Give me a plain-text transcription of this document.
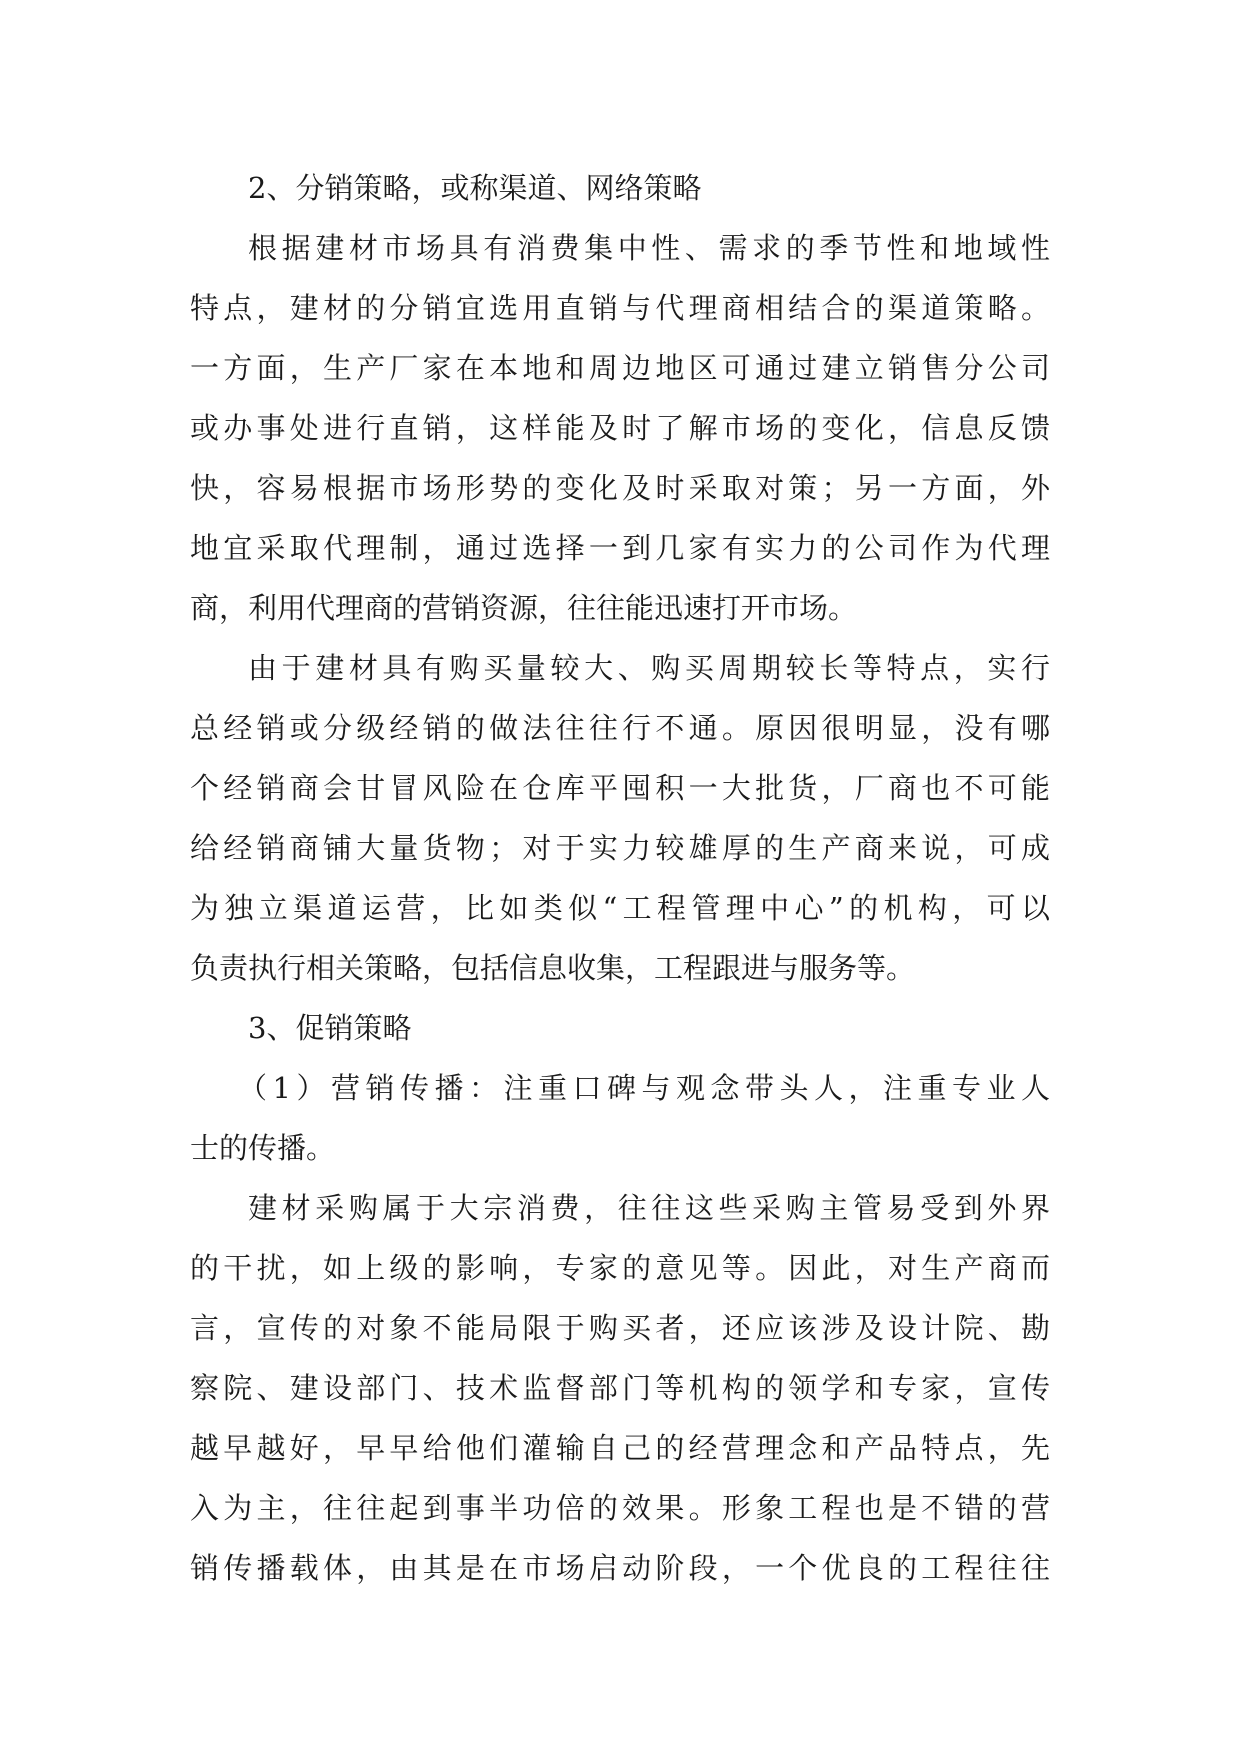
2、分销策略，或称渠道、网络策略
根据建材市场具有消费集中性、需求的季节性和地域性
特点，建材的分销宜选用直销与代理商相结合的渠道策略。
一方面，生产厂家在本地和周边地区可通过建立销售分公司
或办事处进行直销，这样能及时了解市场的变化，信息反馈
快，容易根据市场形势的变化及时采取对策；另一方面，外
地宜采取代理制，通过选择一到几家有实力的公司作为代理
商，利用代理商的营销资源，往往能迅速打开市场。
由于建材具有购买量较大、购买周期较长等特点，实行
总经销或分级经销的做法往往行不通。原因很明显，没有哪
个经销商会甘冒风险在仓库平囤积一大批货，厂商也不可能
给经销商铺大量货物；对于实力较雄厚的生产商来说，可成
为独立渠道运营，比如类似“工程管理中心”的机构，可以
负责执行相关策略，包括信息收集，工程跟进与服务等。
3、促销策略
（1）营销传播：注重口碑与观念带头人，注重专业人
士的传播。
建材采购属于大宗消费，往往这些采购主管易受到外界
的干扰，如上级的影响，专家的意见等。因此，对生产商而
言，宣传的对象不能局限于购买者，还应该涉及设计院、勘
察院、建设部门、技术监督部门等机构的领学和专家，宣传
越早越好，早早给他们灌输自己的经营理念和产品特点，先
入为主，往往起到事半功倍的效果。形象工程也是不错的营
销传播载体，由其是在市场启动阶段，一个优良的工程往往
